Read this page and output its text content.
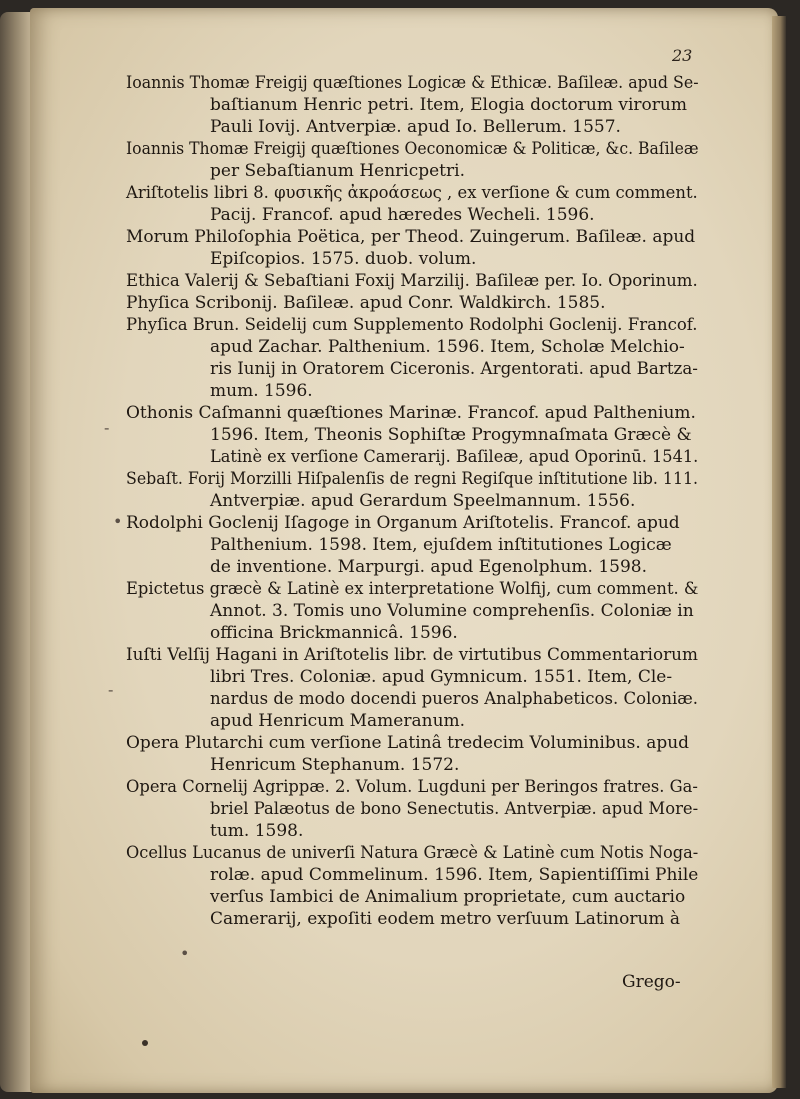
23
Ioannis Thomæ Freigij quæſtiones Logicæ & Ethicæ. Baſileæ. apud Se-
baſtianum Henric petri. Item, Elogia doctorum virorum
Pauli Iovij. Antverpiæ. apud Io. Bellerum. 1557.
Ioannis Thomæ Freigij quæſtiones Oeconomicæ & Politicæ, &c. Baſileæ
per Sebaſtianum Henricpetri.
Ariſtotelis libri 8. φυσικῆς ἀκροάσεως , ex verſione & cum comment.
Pacij. Francof. apud hæredes Wecheli. 1596.
Morum Philoſophia Poëtica, per Theod. Zuingerum. Baſileæ. apud
Epiſcopios. 1575. duob. volum.
Ethica Valerij & Sebaſtiani Foxij Marzilij. Baſileæ per. Io. Oporinum.
Phyſica Scribonij. Baſileæ. apud Conr. Waldkirch. 1585.
Phyſica Brun. Seidelij cum Supplemento Rodolphi Goclenij. Francof.
apud Zachar. Palthenium. 1596. Item, Scholæ Melchio-
ris Iunij in Oratorem Ciceronis. Argentorati. apud Bartza-
mum. 1596.
Othonis Caſmanni quæſtiones Marinæ. Francof. apud Palthenium.
1596. Item, Theonis Sophiſtæ Progymnaſmata Græcè &
Latinè ex verſione Camerarij. Baſileæ, apud Oporinū. 1541.
Sebaſt. Forij Morzilli Hiſpalenſis de regni Regiſque inſtitutione lib. 111.
Antverpiæ. apud Gerardum Speelmannum. 1556.
Rodolphi Goclenij Iſagoge in Organum Ariſtotelis. Francof. apud
Palthenium. 1598. Item, ejuſdem inſtitutiones Logicæ
de inventione. Marpurgi. apud Egenolphum. 1598.
Epictetus græcè & Latinè ex interpretatione Wolfij, cum comment. &
Annot. 3. Tomis uno Volumine comprehenſis. Coloniæ in
officina Brickmannicâ. 1596.
Iuſti Velſij Hagani in Ariſtotelis libr. de virtutibus Commentariorum
libri Tres. Coloniæ. apud Gymnicum. 1551. Item, Cle-
nardus de modo docendi pueros Analphabeticos. Coloniæ.
apud Henricum Mameranum.
Opera Plutarchi cum verſione Latinâ tredecim Voluminibus. apud
Henricum Stephanum. 1572.
Opera Cornelij Agrippæ. 2. Volum. Lugduni per Beringos fratres. Ga-
briel Palæotus de bono Senectutis. Antverpiæ. apud More-
tum. 1598.
Ocellus Lucanus de univerſi Natura Græcè & Latinè cum Notis Noga-
rolæ. apud Commelinum. 1596. Item, Sapientiſſimi Phile
verſus Iambici de Animalium proprietate, cum auctario
Camerarij, expoſiti eodem metro verſuum Latinorum à
-
•
-
•
Grego-
